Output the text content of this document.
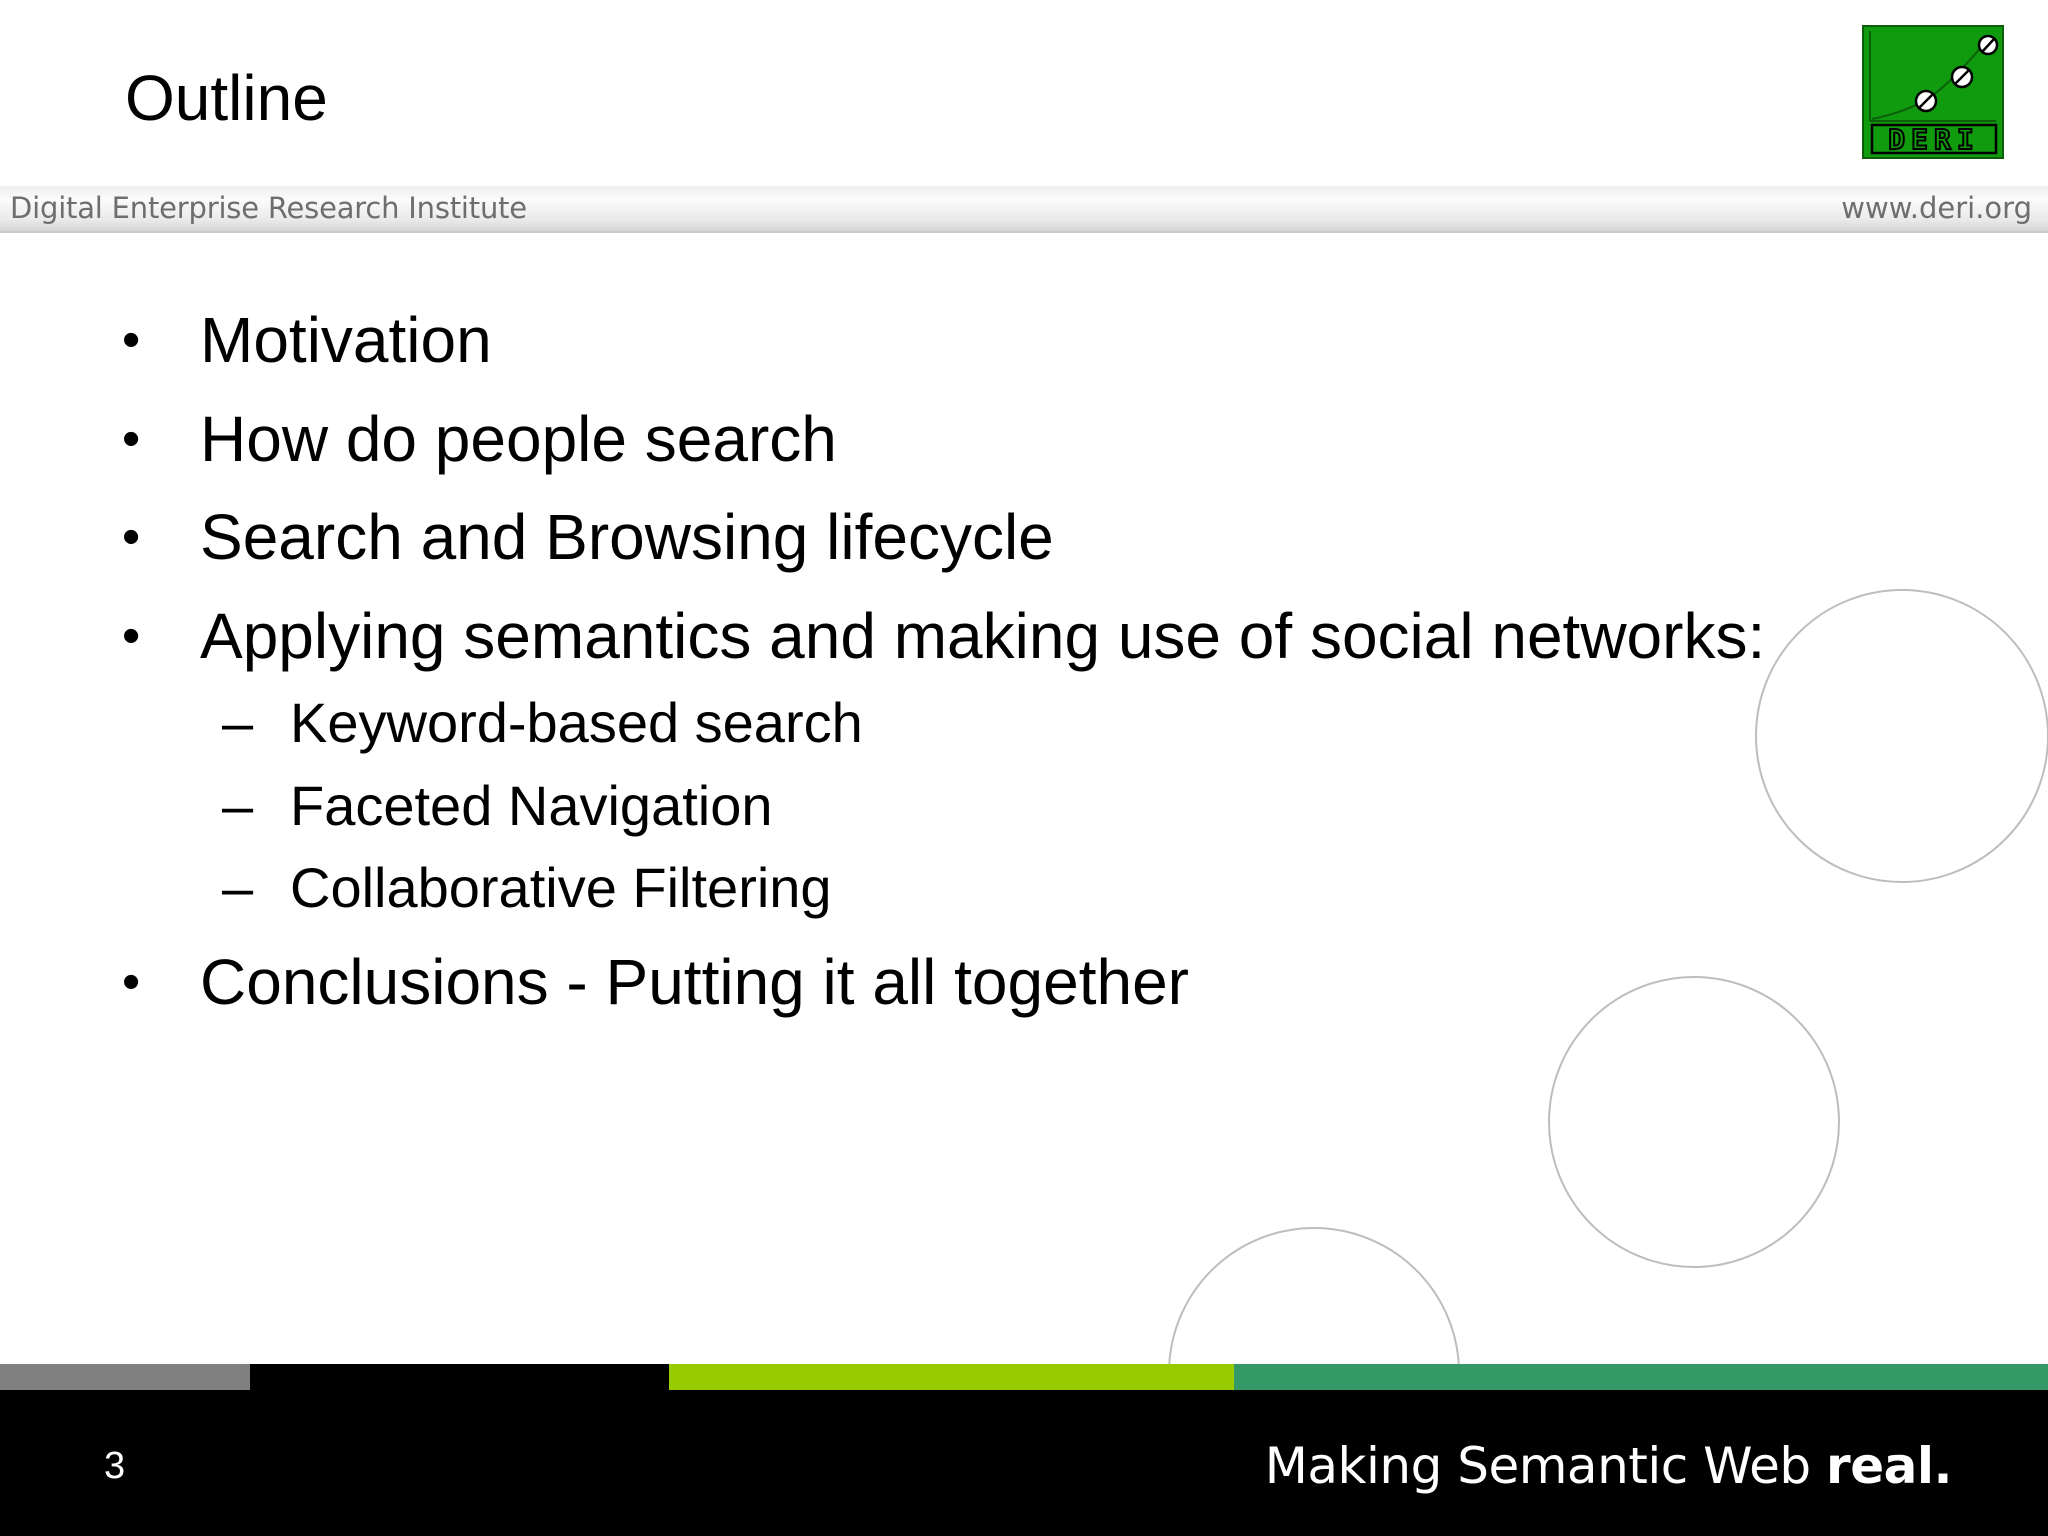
Outline
DERI
Digital Enterprise Research Institute	www.deri.org
• Motivation
• How do people search
• Search and Browsing lifecycle
• Applying semantics and making use of social networks:
– Keyword-based search
– Faceted Navigation
– Collaborative Filtering
• Conclusions - Putting it all together
3	Making Semantic Web real.
